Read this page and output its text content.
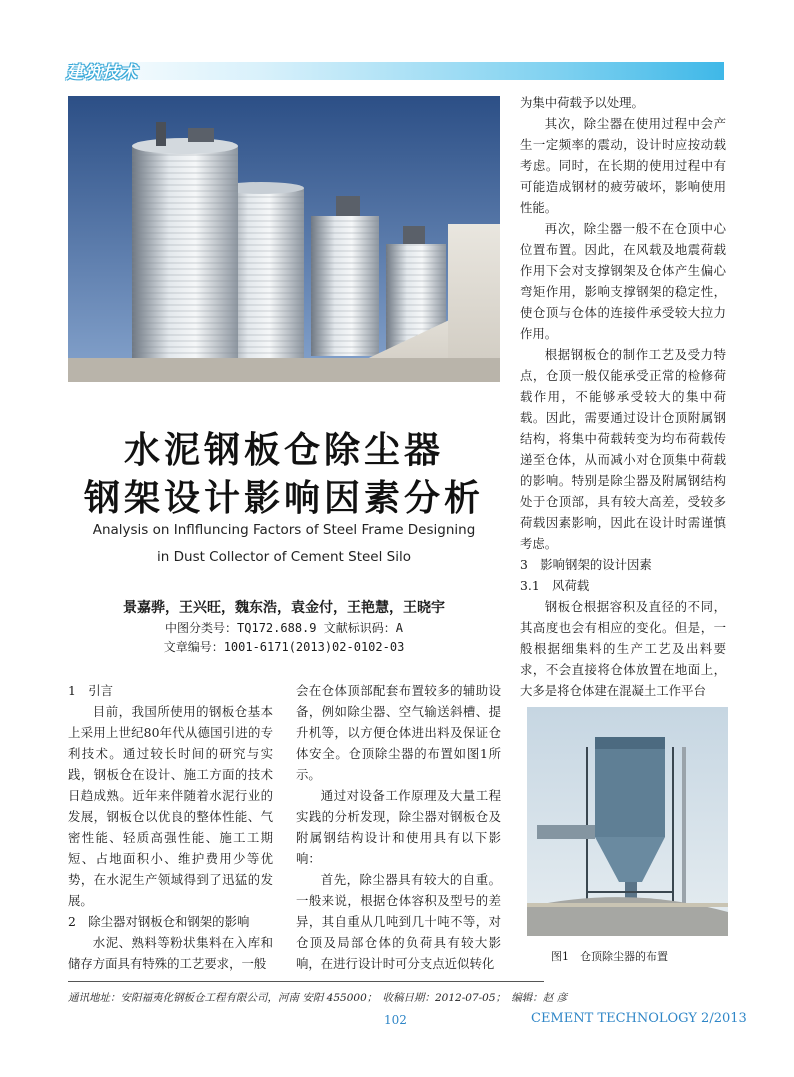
建筑技术
水泥钢板仓除尘器
钢架设计影响因素分析
Analysis on Inflfluncing Factors of Steel Frame Designing
in Dust Collector of Cement Steel Silo
景嘉骅，王兴旺，魏东浩，袁金付，王艳慧，王晓宇
中图分类号：TQ172.688.9 文献标识码：A
文章编号：1001-6171(2013)02-0102-03

1　引言

目前，我国所使用的钢板仓基本上采用上世纪80年代从德国引进的专利技术。通过较长时间的研究与实践，钢板仓在设计、施工方面的技术日趋成熟。近年来伴随着水泥行业的发展，钢板仓以优良的整体性能、气密性能、轻质高强性能、施工工期短、占地面积小、维护费用少等优势，在水泥生产领域得到了迅猛的发展。

2　除尘器对钢板仓和钢架的影响

水泥、熟料等粉状集料在入库和储存方面具有特殊的工艺要求，一般

会在仓体顶部配套布置较多的辅助设备，例如除尘器、空气输送斜槽、提升机等，以方便仓体进出料及保证仓体安全。仓顶除尘器的布置如图1所示。

通过对设备工作原理及大量工程实践的分析发现，除尘器对钢板仓及附属钢结构设计和使用具有以下影响：

首先，除尘器具有较大的自重。一般来说，根据仓体容积及型号的差异，其自重从几吨到几十吨不等，对仓顶及局部仓体的负荷具有较大影响，在进行设计时可分支点近似转化

为集中荷载予以处理。

其次，除尘器在使用过程中会产生一定频率的震动，设计时应按动载考虑。同时，在长期的使用过程中有可能造成钢材的疲劳破坏，影响使用性能。

再次，除尘器一般不在仓顶中心位置布置。因此，在风载及地震荷载作用下会对支撑钢架及仓体产生偏心弯矩作用，影响支撑钢架的稳定性，使仓顶与仓体的连接件承受较大拉力作用。

根据钢板仓的制作工艺及受力特点，仓顶一般仅能承受正常的检修荷载作用，不能够承受较大的集中荷载。因此，需要通过设计仓顶附属钢结构，将集中荷载转变为均布荷载传递至仓体，从而减小对仓顶集中荷载的影响。特别是除尘器及附属钢结构处于仓顶部，具有较大高差，受较多荷载因素影响，因此在设计时需谨慎考虑。

3　影响钢架的设计因素

3.1　风荷载

钢板仓根据容积及直径的不同，其高度也会有相应的变化。但是，一般根据细集料的生产工艺及出料要求，不会直接将仓体放置在地面上，大多是将仓体建在混凝土工作平台

图1　仓顶除尘器的布置
通讯地址：安阳福夷化钢板仓工程有限公司，河南 安阳 455000；　收稿日期：2012-07-05；　编辑：赵 彦
102	CEMENT TECHNOLOGY 2/2013
